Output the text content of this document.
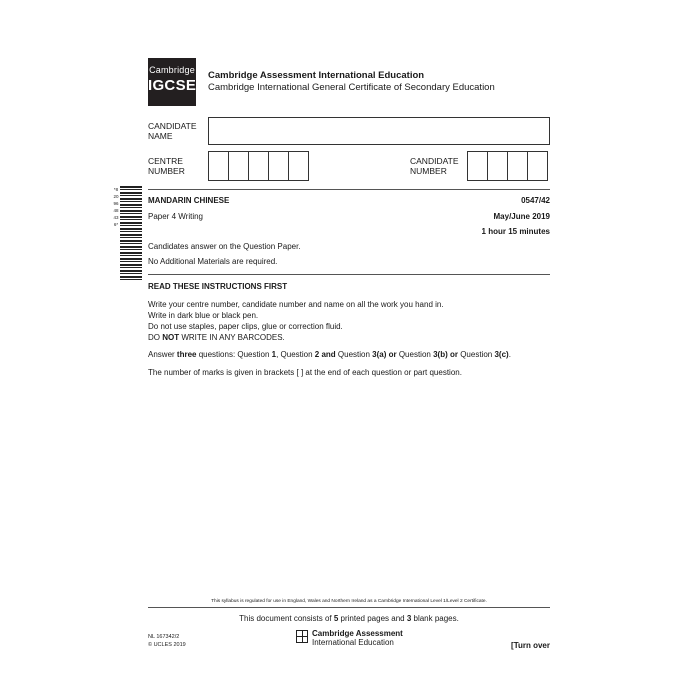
Cambridge
IGCSE
Cambridge Assessment International Education
Cambridge International General Certificate of Secondary Education
CANDIDATE
NAME
CENTRE
NUMBER
CANDIDATE
NUMBER
*8209648436*
MANDARIN CHINESE	0547/42
Paper 4 Writing	May/June 2019
1 hour 15 minutes
Candidates answer on the Question Paper.
No Additional Materials are required.
READ THESE INSTRUCTIONS FIRST
Write your centre number, candidate number and name on all the work you hand in.
Write in dark blue or black pen.
Do not use staples, paper clips, glue or correction fluid.
DO NOT WRITE IN ANY BARCODES.
Answer three questions: Question 1, Question 2 and Question 3(a) or Question 3(b) or Question 3(c).
The number of marks is given in brackets [ ] at the end of each question or part question.
This syllabus is regulated for use in England, Wales and Northern Ireland as a Cambridge International Level 1/Level 2 Certificate.
This document consists of 5 printed pages and 3 blank pages.
NL 167342/2
© UCLES 2019
Cambridge Assessment
International Education	[Turn over
